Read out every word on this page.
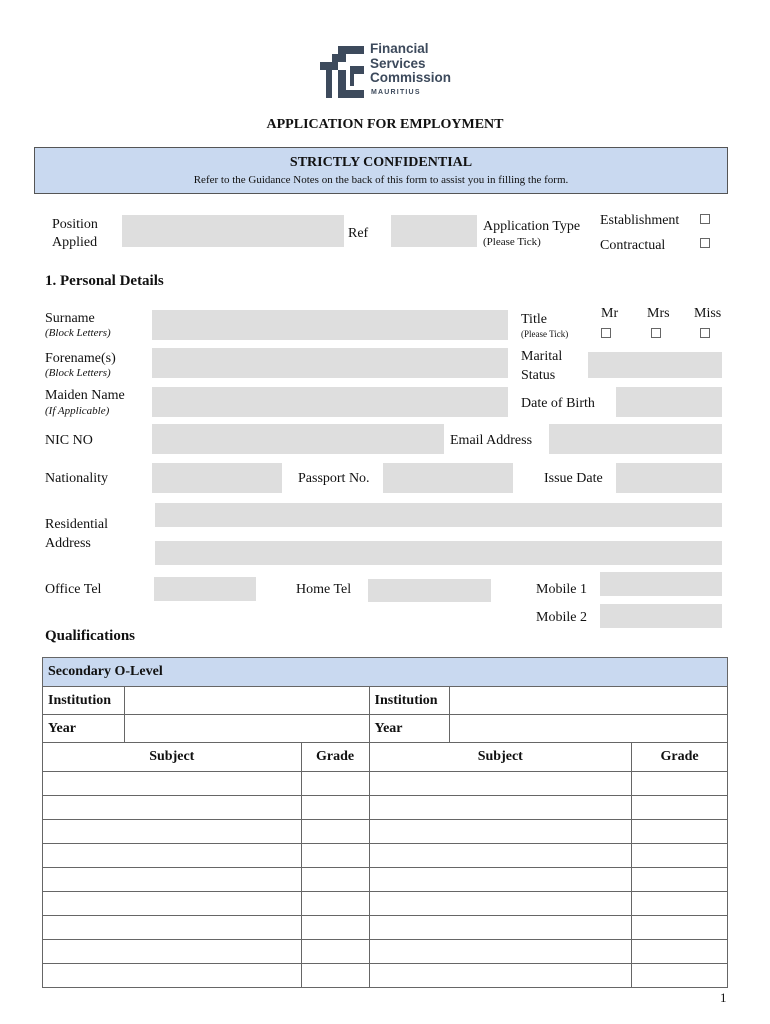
Financial
Services
Commission
MAURITIUS
APPLICATION FOR EMPLOYMENT
STRICTLY CONFIDENTIAL
Refer to the Guidance Notes on the back of this form to assist you in filling the form.
Position
Applied
Ref	Application Type
(Please Tick)
Establishment
Contractual
1. Personal Details
Surname
(Block Letters)
Title
(Please Tick)
Mr Mrs Miss
Forename(s)
(Block Letters)
Marital
Status
Maiden Name
(If Applicable)	Date of Birth
NIC NO	Email Address
Nationality	Passport No.	Issue Date
Residential
Address
Office Tel	Home Tel	Mobile 1
Mobile 2
Qualifications
Secondary O-Level					
Institution			Institution		
Year			Year		
Subject		Grade	Subject		Grade

1
